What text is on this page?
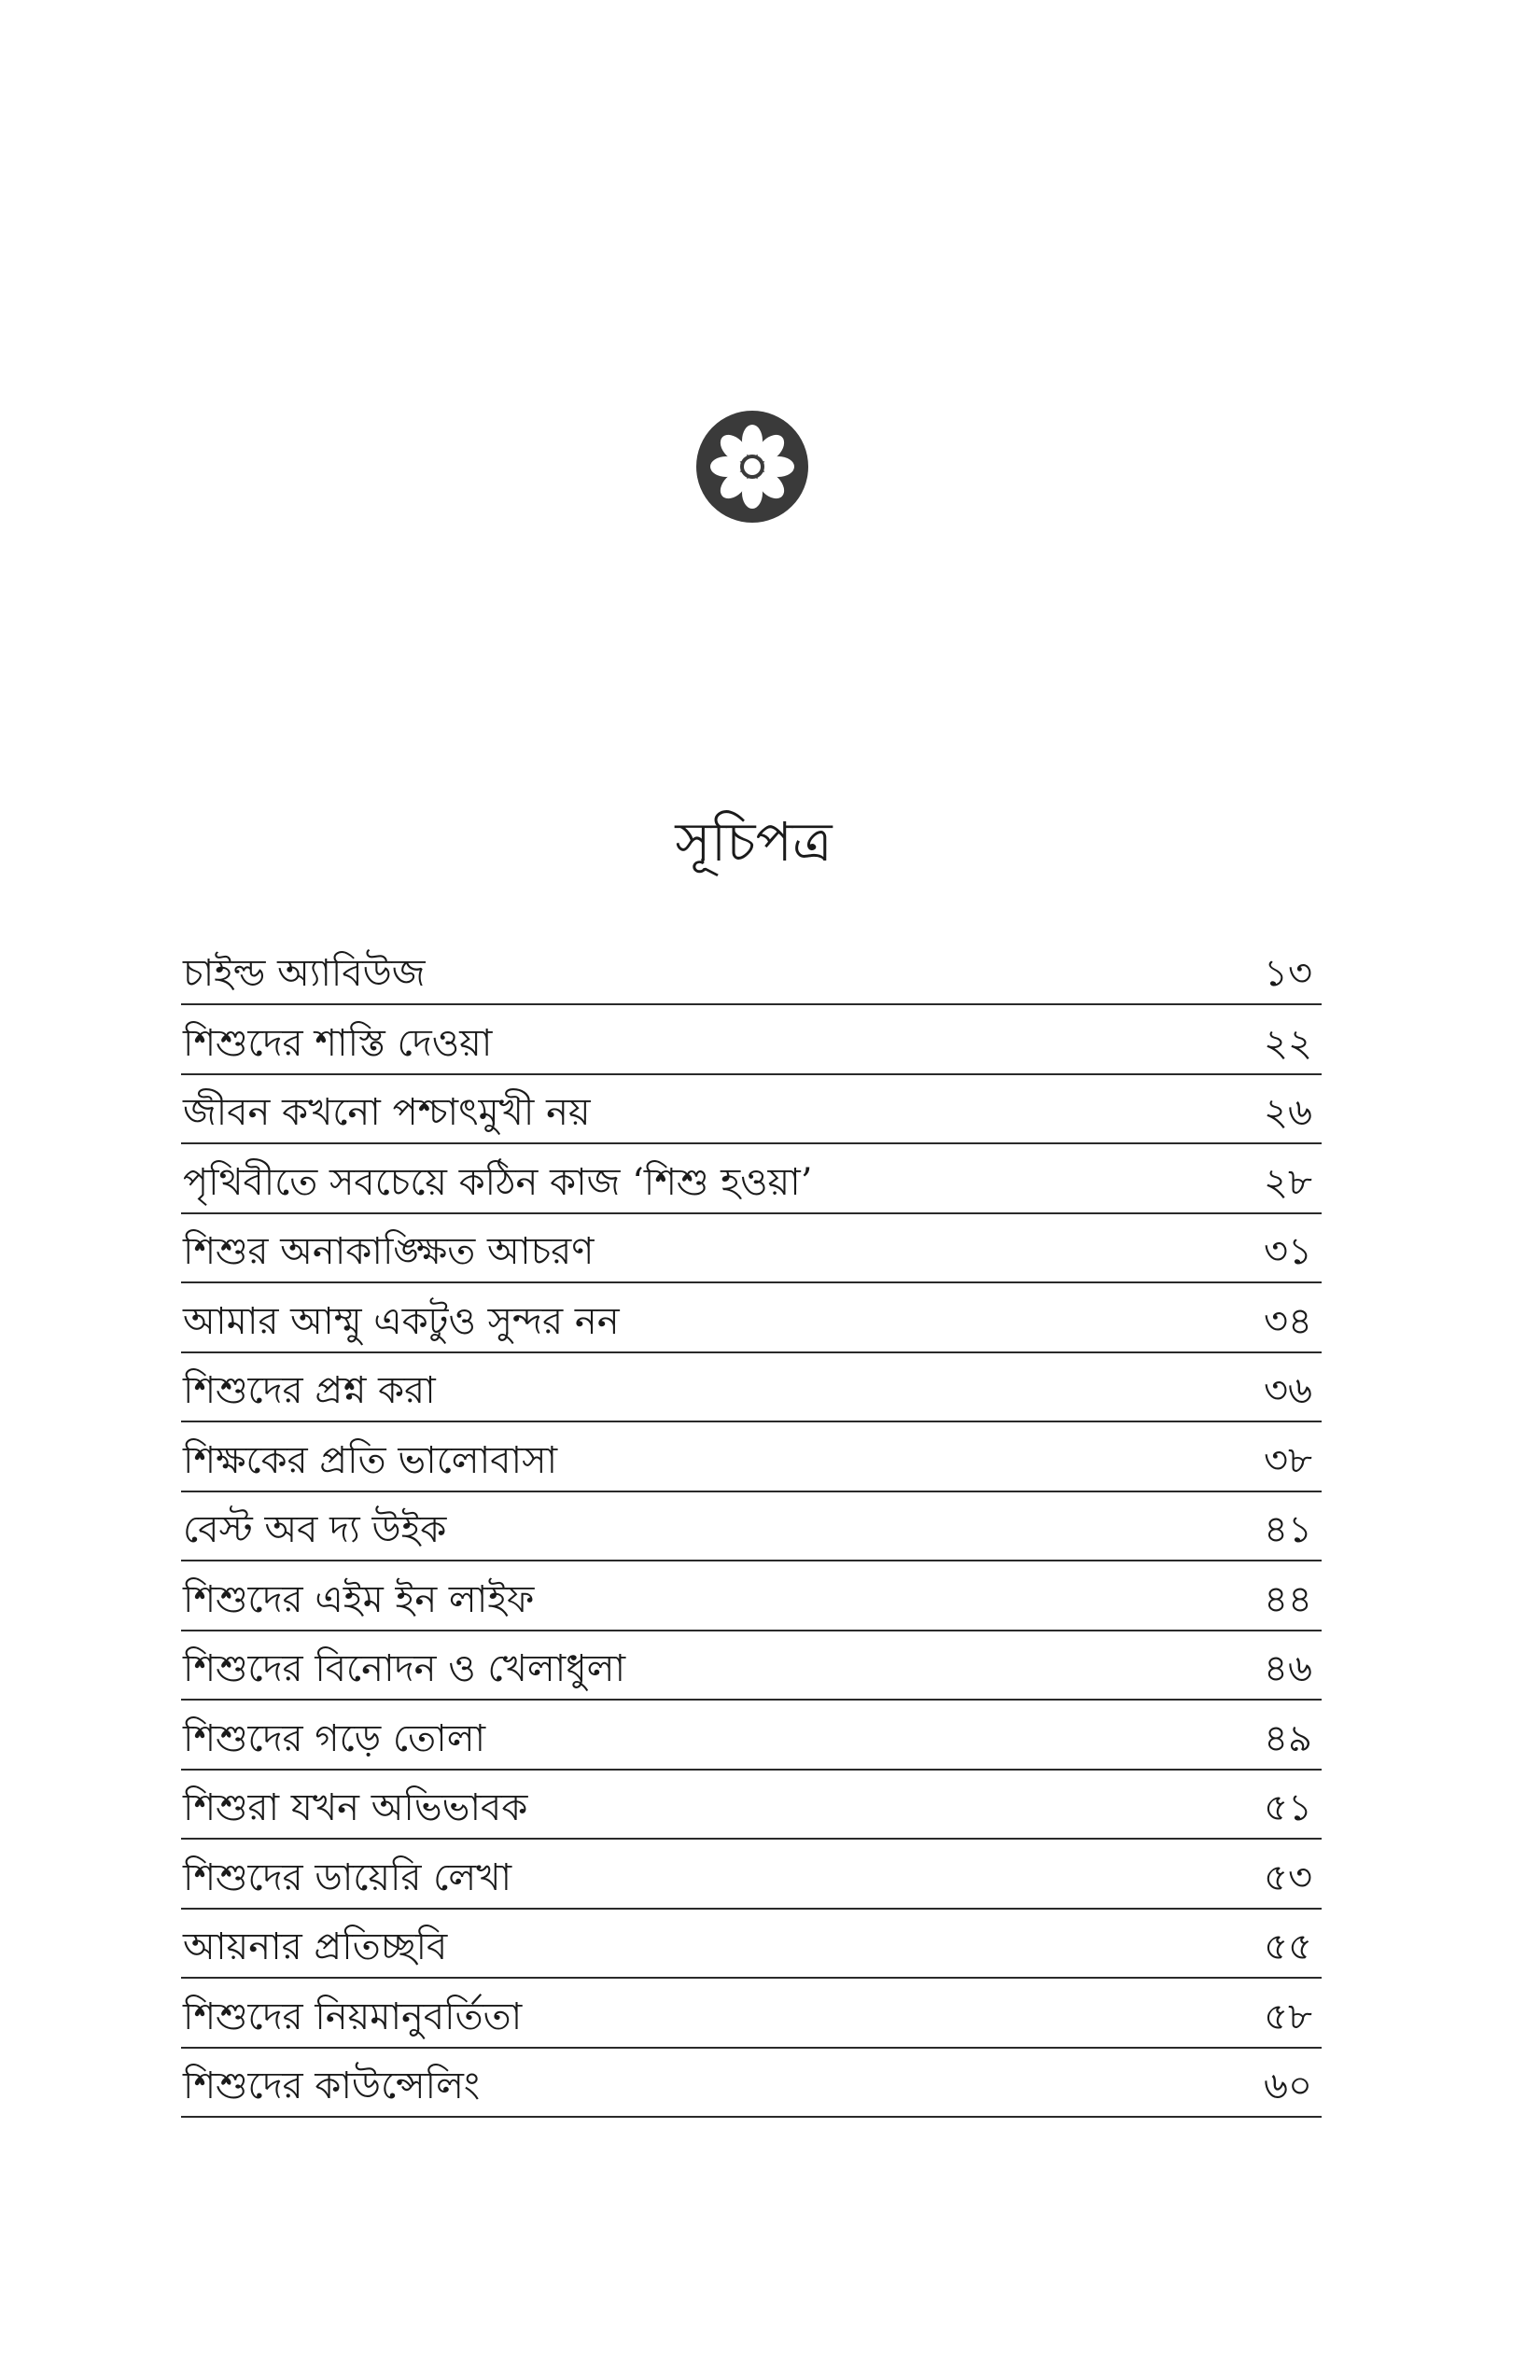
সূচিপত্র
চাইল্ড অ্যাবিউজ	১৩
শিশুদের শাস্তি দেওয়া	২২
জীবন কখনো পশ্চাৎমুখী নয়	২৬
পৃথিবীতে সবচেয়ে কঠিন কাজ ‘শিশু হওয়া’	২৮
শিশুর অনাকাঙ্ক্ষিত আচরণ	৩১
আমার আম্মু একটুও সুন্দর নন	৩৪
শিশুদের প্রশ্ন করা	৩৬
শিক্ষকের প্রতি ভালোবাসা	৩৮
বেস্ট অব দ্য উইক	৪১
শিশুদের এইম ইন লাইফ	৪৪
শিশুদের বিনোদন ও খেলাধুলা	৪৬
শিশুদের গড়ে তোলা	৪৯
শিশুরা যখন অভিভাবক	৫১
শিশুদের ডায়েরি লেখা	৫৩
আয়নার প্রতিচ্ছবি	৫৫
শিশুদের নিয়মানুবর্তিতা	৫৮
শিশুদের কাউন্সেলিং	৬০
